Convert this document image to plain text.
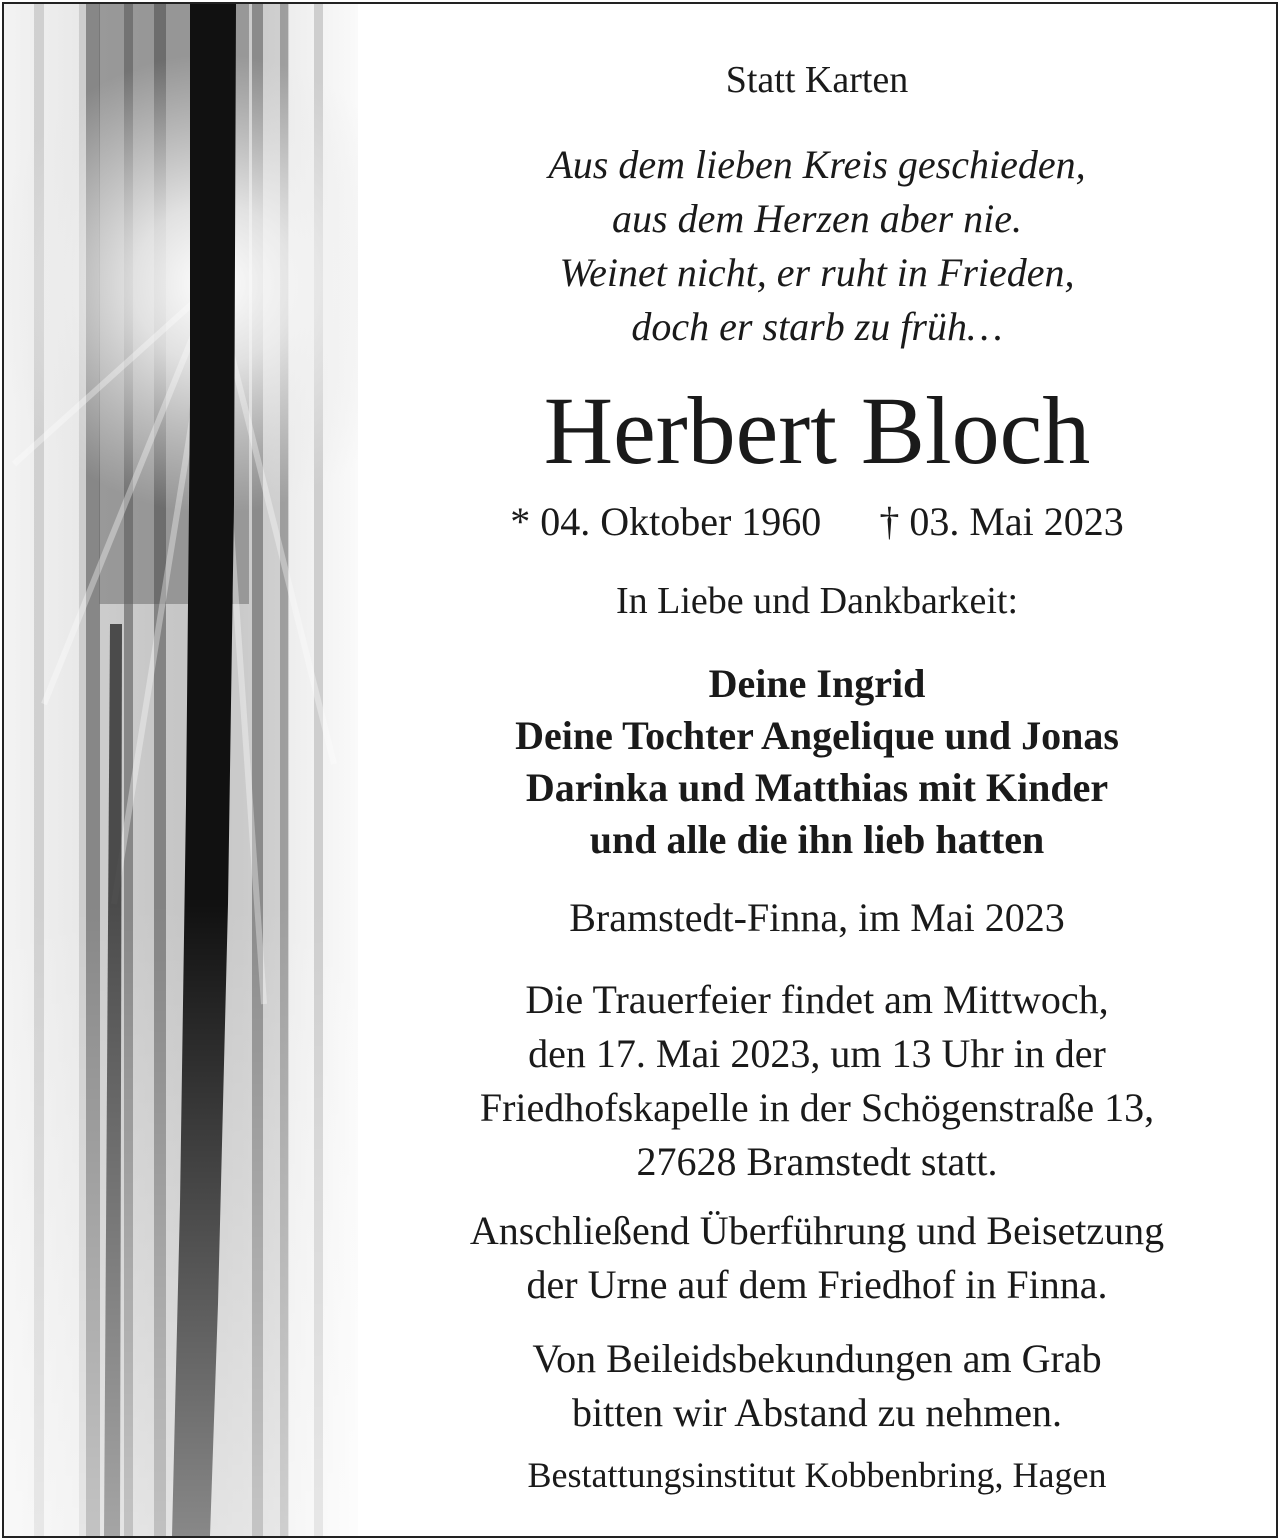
Statt Karten
Aus dem lieben Kreis geschieden,
aus dem Herzen aber nie.
Weinet nicht, er ruht in Frieden,
doch er starb zu früh…
Herbert Bloch
* 04. Oktober 1960 † 03. Mai 2023
In Liebe und Dankbarkeit:
Deine Ingrid
Deine Tochter Angelique und Jonas
Darinka und Matthias mit Kinder
und alle die ihn lieb hatten
Bramstedt-Finna, im Mai 2023
Die Trauerfeier findet am Mittwoch,
den 17. Mai 2023, um 13 Uhr in der
Friedhofskapelle in der Schögenstraße 13,
27628 Bramstedt statt.
Anschließend Überführung und Beisetzung
der Urne auf dem Friedhof in Finna.
Von Beileidsbekundungen am Grab
bitten wir Abstand zu nehmen.
Bestattungsinstitut Kobbenbring, Hagen
